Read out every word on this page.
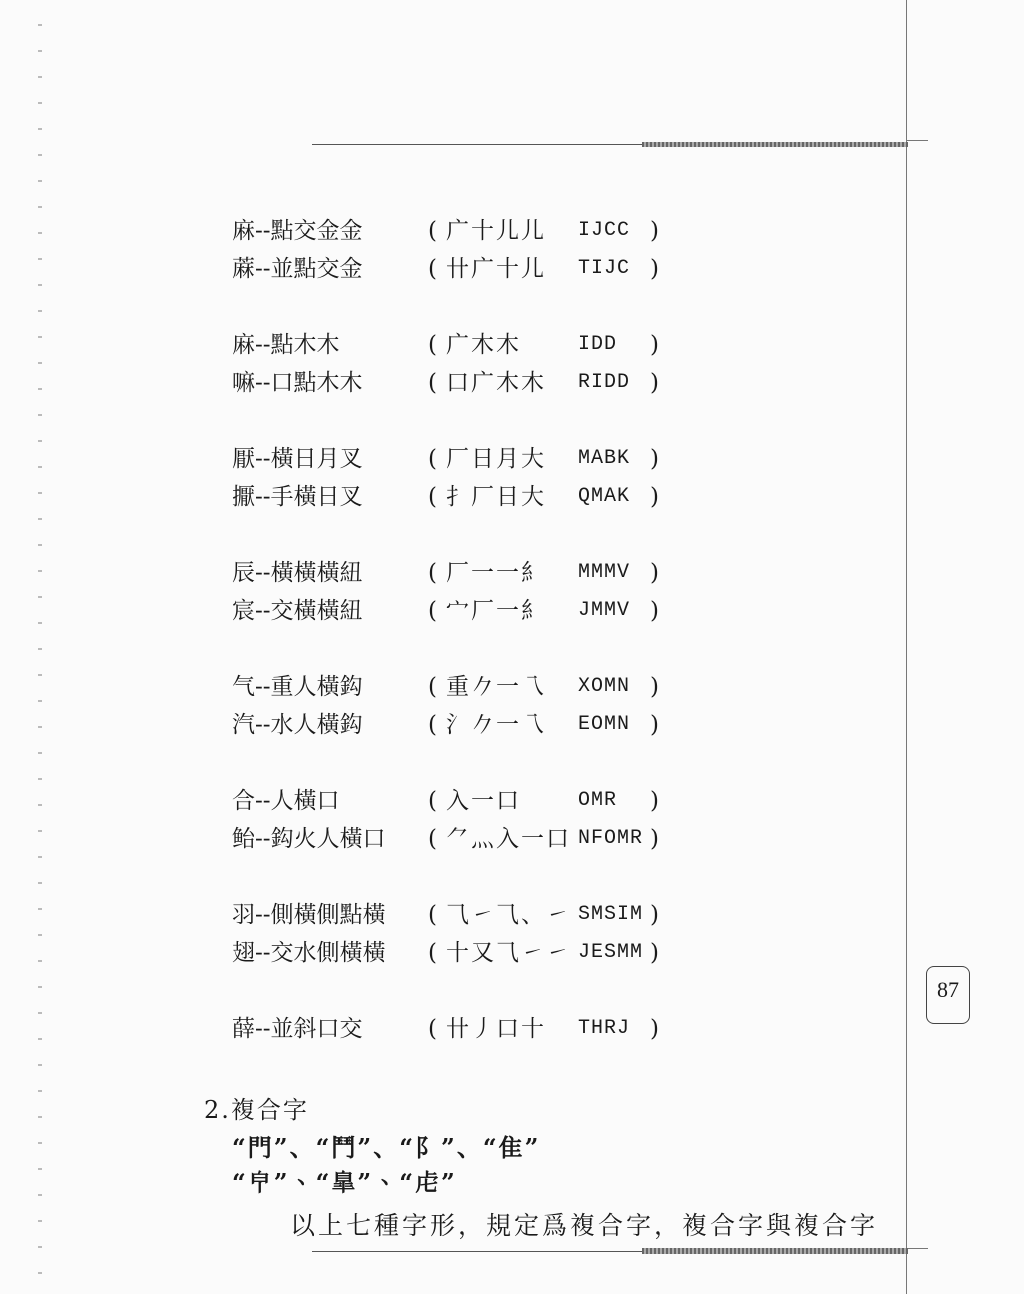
麻--點交金金	( 广十儿儿 IJCC )
蔴--並點交金	( 卄广十儿 TIJC )
麻--點木木	( 广木木	IDD )
嘛--口點木木	( 口广木木 RIDD )
厭--橫日月叉	( 厂日月大 MABK )
擫--手橫日叉	( 扌厂日大 QMAK )
辰--橫橫橫紐	( 厂一一⺯ MMMV )
宸--交橫橫紐	( 宀厂一⺯ JMMV )
气--重人橫鈎	( 重𠂊一乁 XOMN )
汽--水人橫鈎	( 氵𠂊一乁 EOMN )
合--人橫口	( 入一口	OMR )
鲐--鈎火人橫口 ( ⺈灬入一口 NFOMR )
羽--側橫側點橫 ( ⺄㇀⺄、㇀ SMSIM )
翅--交水側橫橫 ( 十又⺄㇀㇀ JESMM )
薛--並斜口交	( 卄丿口十 THRJ )
2.複合字
“門”、“鬥”、“阝”、“隹”
“𤼽”、“臯”、“虍”
以上七種字形，規定爲複合字，複合字與複合字
87
